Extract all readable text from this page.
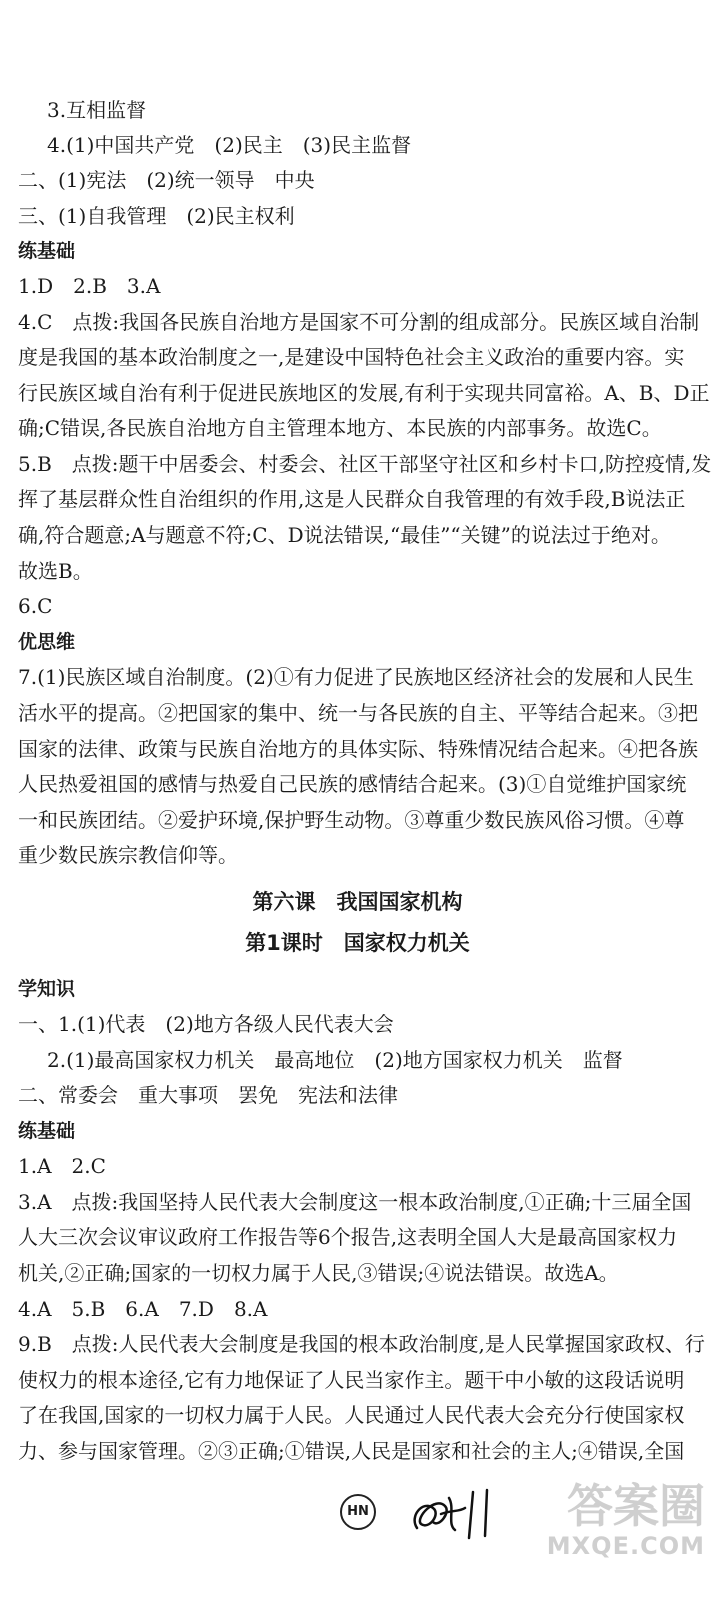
3.互相监督
4.(1)中国共产党　(2)民主　(3)民主监督
二、(1)宪法　(2)统一领导　中央
三、(1)自我管理　(2)民主权利
练基础
1.D　2.B　3.A
4.C　点拨:我国各民族自治地方是国家不可分割的组成部分。民族区域自治制
度是我国的基本政治制度之一,是建设中国特色社会主义政治的重要内容。实
行民族区域自治有利于促进民族地区的发展,有利于实现共同富裕。A、B、D正
确;C错误,各民族自治地方自主管理本地方、本民族的内部事务。故选C。
5.B　点拨:题干中居委会、村委会、社区干部坚守社区和乡村卡口,防控疫情,发
挥了基层群众性自治组织的作用,这是人民群众自我管理的有效手段,B说法正
确,符合题意;A与题意不符;C、D说法错误,“最佳”“关键”的说法过于绝对。
故选B。
6.C
优思维
7.(1)民族区域自治制度。(2)①有力促进了民族地区经济社会的发展和人民生
活水平的提高。②把国家的集中、统一与各民族的自主、平等结合起来。③把
国家的法律、政策与民族自治地方的具体实际、特殊情况结合起来。④把各族
人民热爱祖国的感情与热爱自己民族的感情结合起来。(3)①自觉维护国家统
一和民族团结。②爱护环境,保护野生动物。③尊重少数民族风俗习惯。④尊
重少数民族宗教信仰等。
第六课　我国国家机构
第1课时　国家权力机关
学知识
一、1.(1)代表　(2)地方各级人民代表大会
2.(1)最高国家权力机关　最高地位　(2)地方国家权力机关　监督
二、常委会　重大事项　罢免　宪法和法律
练基础
1.A　2.C
3.A　点拨:我国坚持人民代表大会制度这一根本政治制度,①正确;十三届全国
人大三次会议审议政府工作报告等6个报告,这表明全国人大是最高国家权力
机关,②正确;国家的一切权力属于人民,③错误;④说法错误。故选A。
4.A　5.B　6.A　7.D　8.A
9.B　点拨:人民代表大会制度是我国的根本政治制度,是人民掌握国家政权、行
使权力的根本途径,它有力地保证了人民当家作主。题干中小敏的这段话说明
了在我国,国家的一切权力属于人民。人民通过人民代表大会充分行使国家权
力、参与国家管理。②③正确;①错误,人民是国家和社会的主人;④错误,全国
HN	答案圈
MXQE.COM
